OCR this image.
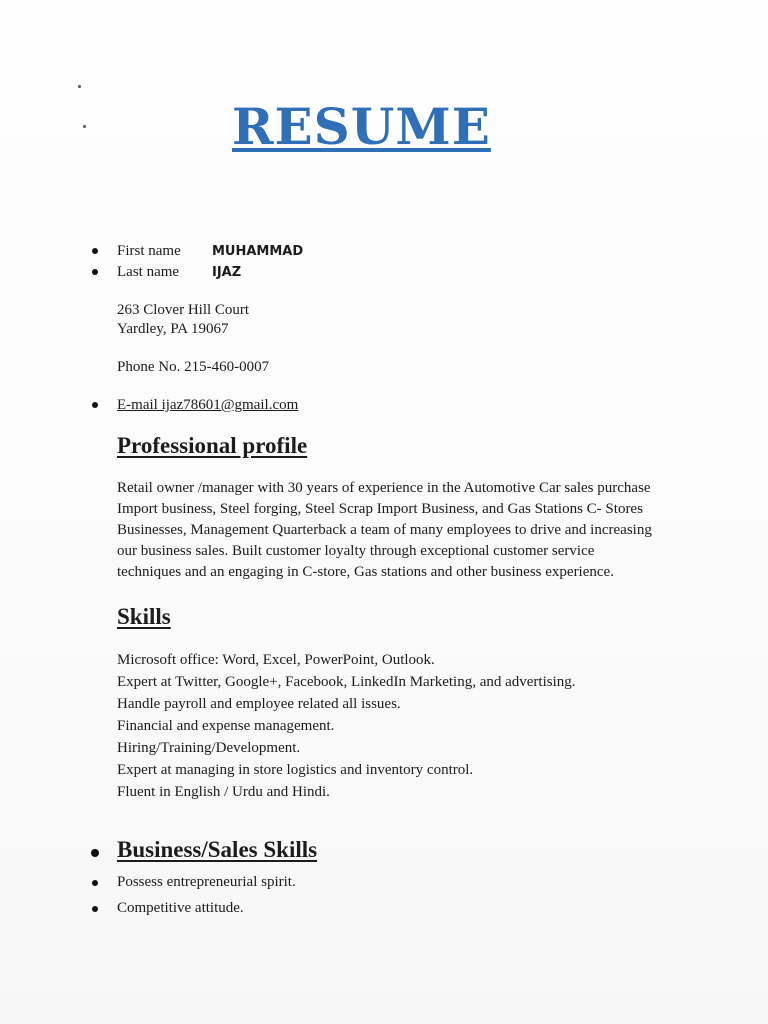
RESUME
First name MUHAMMAD
Last name	IJAZ
263 Clover Hill Court
Yardley, PA 19067
Phone No. 215-460-0007
E-mail ijaz78601@gmail.com
Professional profile
Retail owner /manager with 30 years of experience in the Automotive Car sales purchase
Import business, Steel forging, Steel Scrap Import Business, and Gas Stations C- Stores
Businesses, Management Quarterback a team of many employees to drive and increasing
our business sales. Built customer loyalty through exceptional customer service
techniques and an engaging in C-store, Gas stations and other business experience.
Skills
Microsoft office: Word, Excel, PowerPoint, Outlook.
Expert at Twitter, Google+, Facebook, LinkedIn Marketing, and advertising.
Handle payroll and employee related all issues.
Financial and expense management.
Hiring/Training/Development.
Expert at managing in store logistics and inventory control.
Fluent in English / Urdu and Hindi.
Business/Sales Skills
Possess entrepreneurial spirit.
Competitive attitude.
